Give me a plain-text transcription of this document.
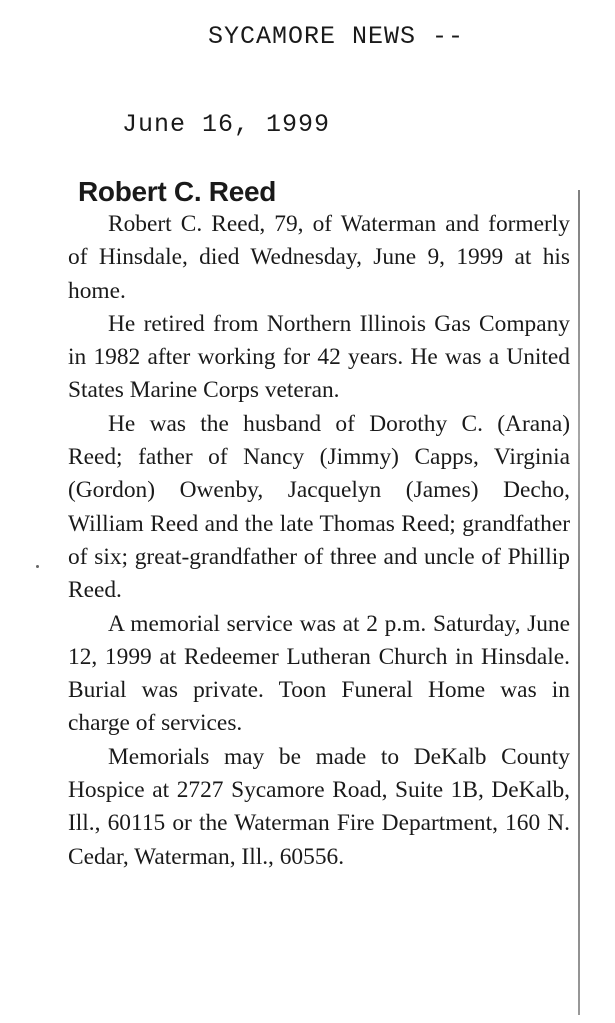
SYCAMORE NEWS --
June 16, 1999
Robert C. Reed

Robert C. Reed, 79, of Waterman and formerly of Hinsdale, died Wednesday, June 9, 1999 at his home.

He retired from Northern Illinois Gas Company in 1982 after working for 42 years. He was a United States Marine Corps veteran.

He was the husband of Dorothy C. (Arana) Reed; father of Nancy (Jimmy) Capps, Virginia (Gordon) Owenby, Jacquelyn (James) Decho, William Reed and the late Thomas Reed; grandfather of six; great-grandfather of three and uncle of Phillip Reed.

A memorial service was at 2 p.m. Saturday, June 12, 1999 at Redeemer Lutheran Church in Hinsdale. Burial was private. Toon Funeral Home was in charge of services.

Memorials may be made to DeKalb County Hospice at 2727 Sycamore Road, Suite 1B, DeKalb, Ill., 60115 or the Waterman Fire Department, 160 N. Cedar, Waterman, Ill., 60556.
